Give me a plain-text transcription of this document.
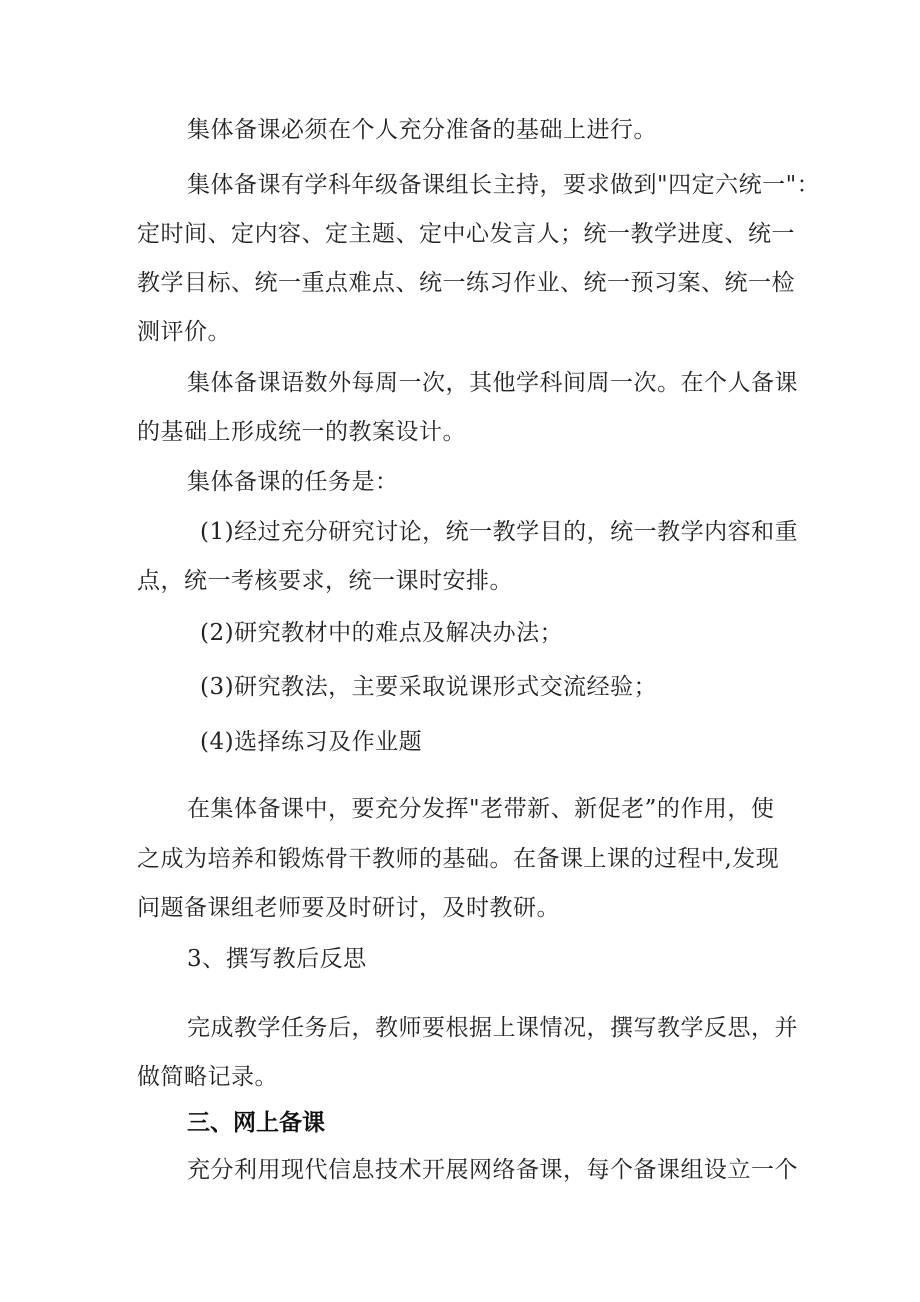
集体备课必须在个人充分准备的基础上进行。
集体备课有学科年级备课组长主持，要求做到"四定六统一"：
定时间、定内容、定主题、定中心发言人；统一教学进度、统一
教学目标、统一重点难点、统一练习作业、统一预习案、统一检
测评价。
集体备课语数外每周一次，其他学科间周一次。在个人备课
的基础上形成统一的教案设计。
集体备课的任务是：
(1)经过充分研究讨论，统一教学目的，统一教学内容和重
点，统一考核要求，统一课时安排。
(2)研究教材中的难点及解决办法；
(3)研究教法，主要采取说课形式交流经验；
(4)选择练习及作业题
在集体备课中，要充分发挥"老带新、新促老”的作用，使
之成为培养和锻炼骨干教师的基础。在备课上课的过程中,发现
问题备课组老师要及时研讨，及时教研。
3、撰写教后反思
完成教学任务后，教师要根据上课情况，撰写教学反思，并
做简略记录。
三、网上备课
充分利用现代信息技术开展网络备课，每个备课组设立一个
